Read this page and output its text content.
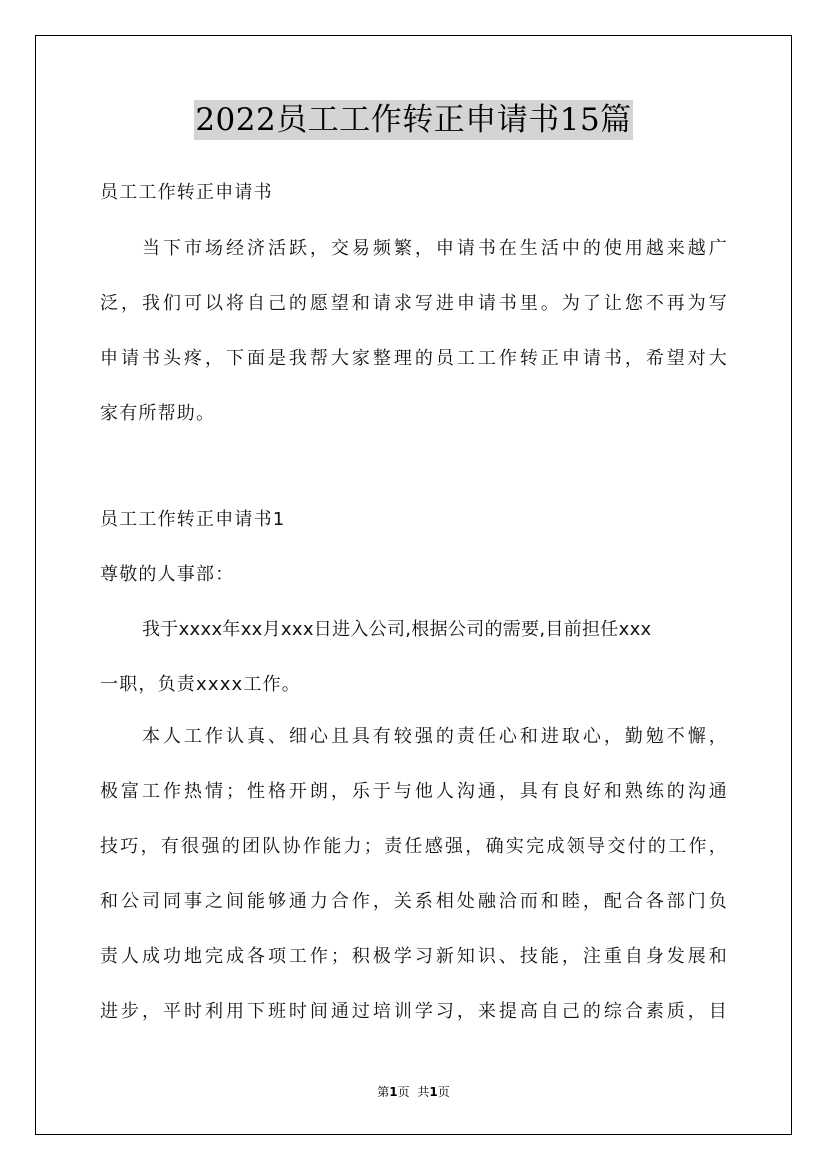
2022员工工作转正申请书15篇
员工工作转正申请书
当下市场经济活跃，交易频繁，申请书在生活中的使用越来越广
泛，我们可以将自己的愿望和请求写进申请书里。为了让您不再为写
申请书头疼，下面是我帮大家整理的员工工作转正申请书，希望对大
家有所帮助。
员工工作转正申请书1
尊敬的人事部：
我于xxxx年xx月xxx日进入公司,根据公司的需要,目前担任xxx
一职，负责xxxx工作。
本人工作认真、细心且具有较强的责任心和进取心，勤勉不懈，
极富工作热情；性格开朗，乐于与他人沟通，具有良好和熟练的沟通
技巧，有很强的团队协作能力；责任感强，确实完成领导交付的工作，
和公司同事之间能够通力合作，关系相处融洽而和睦，配合各部门负
责人成功地完成各项工作；积极学习新知识、技能，注重自身发展和
进步，平时利用下班时间通过培训学习，来提高自己的综合素质，目
第1页 共1页
